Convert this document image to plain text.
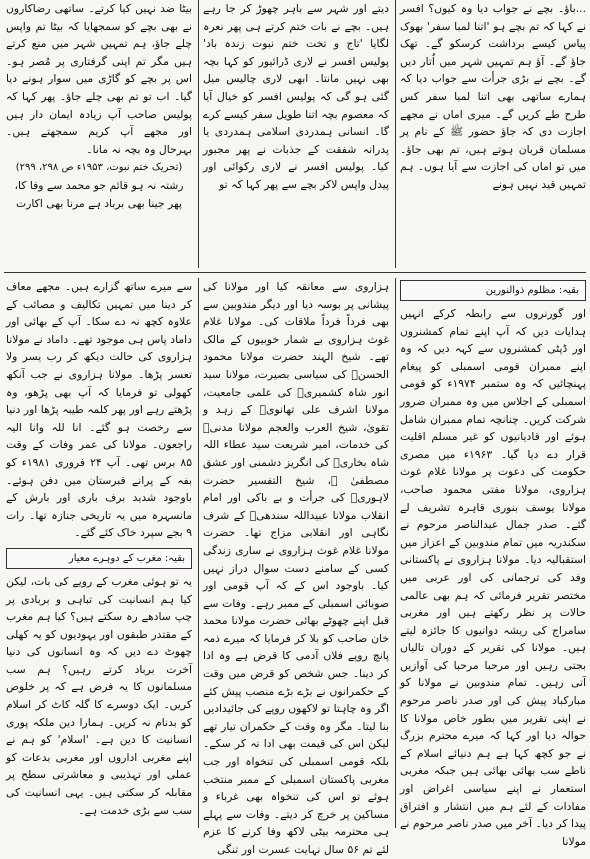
...باؤ۔ بچے نے جواب دیا وہ کیوں؟ افسر نے کہا کہ تم بچے ہو 'اتنا لمبا سفر' بھوک پیاس کیسے برداشت کرسکو گے۔ تھک جاؤ گے۔ آؤ ہم تمہیں شہر میں اُتار دیں گے۔ بچے نے بڑی جرأت سے جواب دیا کہ ہمارے ساتھی بھی اتنا لمبا سفر کس طرح طے کریں گے۔ میری اماں نے مجھے اجازت دی کہ جاؤ حضور ﷺ کے نام پر مسلمان قربان ہوتے ہیں، تم بھی جاؤ۔ میں تو اماں کی اجازت سے آیا ہوں۔ ہم تمہیں قید نہیں ہونے
دیتے اور شہر سے باہر چھوڑ کر جا رہے ہیں۔ بچے نے بات ختم کرتے ہی پھر نعرہ لگایا 'تاج و تخت ختم نبوت زندہ باد' پولیس افسر نے لاری ڈرائیور کو کہا بچہ بھی نہیں مانتا۔ ابھی لاری چالیس میل گئی ہو گی کہ پولیس افسر کو خیال آیا کہ معصوم بچہ اتنا طویل سفر کیسے کرے گا۔ انسانی ہمدردی اسلامی ہمدردی یا پدرانہ شفقت کے جذبات نے پھر مجبور کیا۔ پولیس افسر نے لاری رکوائی اور پیدل واپس لاکر بچے سے پھر کہا کہ تو
بیٹا ضد نہیں کیا کرتے۔ ساتھی رضاکاروں نے بھی بچے کو سمجھایا کہ بیٹا تم واپس چلے جاؤ، ہم تمہیں شہر میں منع کرتے ہیں مگر تم اپنی گرفتاری پر مُصر ہو۔ اس پر بچے کو گاڑی میں سوار ہونے دیا گیا۔ اب تو تم بھی چلے جاؤ۔ پھر کہا کہ پولیس صاحب آپ زیادہ ایمان دار ہیں اور مجھے آپ کریم سمجھتے ہیں۔ بہرحال وہ بچہ نہ مانا۔
(تحریک ختم نبوت، ۱۹۵۳ء ص ۲۹۸، ۲۹۹)
رشتہ نہ ہو قائم جو محمد سے وفا کا، پھر جینا بھی برباد ہے مرنا بھی اکارت
بقیہ: مظلوم ذوالنورین
اور گورنروں سے رابطہ کرکے انہیں ہدایات دیں کہ آپ اپنے تمام کمشنروں اور ڈپٹی کمشنروں سے کہہ دیں کہ وہ اپنے ممبران قومی اسمبلی کو پیغام پہنچائیں کہ وہ ستمبر ۱۹۷۴ء کو قومی اسمبلی کے اجلاس میں وہ ممبران ضرور شرکت کریں۔ چنانچہ تمام ممبران شامل ہوئے اور قادیانیوں کو غیر مسلم اقلیت قرار دے دیا گیا۔ ۱۹۶۳ء میں مصری حکومت کی دعوت پر مولانا غلام غوث ہزاروی، مولانا مفتی محمود صاحب، مولانا یوسف بنوری قاہرہ تشریف لے گئے۔ صدر جمال عبدالناصر مرحوم نے سکندریہ میں تمام مندوبین کے اعزاز میں استقبالیہ دیا۔ مولانا ہزاروی نے پاکستانی وفد کی ترجمانی کی اور عربی میں مختصر تقریر فرمائی کہ ہم بھی عالمی حالات پر نظر رکھتے ہیں اور مغربی سامراج کی ریشہ دوانیوں کا جائزہ لیتے ہیں۔ مولانا کی تقریر کے دوران تالیاں بجتی رہیں اور مرحبا مرحبا کی آوازیں آتی رہیں۔ تمام مندوبین نے مولانا کو مبارکباد پیش کی اور صدر ناصر مرحوم نے اپنی تقریر میں بطور خاص مولانا کا حوالہ دیا اور کہا کہ میرے محترم بزرگ نے جو کچھ کہا ہے ہم دنیائے اسلام کے ناطے سب بھائی بھائی ہیں جبکہ مغربی استعمار نے اپنے سیاسی اغراض اور مفادات کے لئے ہم میں انتشار و افتراق پیدا کر دیا۔ آخر میں صدر ناصر مرحوم نے مولانا
ہزاروی سے معانقہ کیا اور مولانا کی پیشانی پر بوسہ دیا اور دیگر مندوبین سے بھی فرداً فرداً ملاقات کی۔ مولانا غلام غوث ہزاروی بے شمار خوبیوں کے مالک تھے۔ شیخ الہند حضرت مولانا محمود الحسنؒ کی سیاسی بصیرت، مولانا سید انور شاہ کشمیریؒ کی علمی جامعیت، مولانا اشرف علی تھانویؒ کے زہد و تقویٰ، شیخ العرب والعجم مولانا مدنیؒ کی خدمات، امیر شریعت سید عطاء اللہ شاہ بخاریؒ کی انگریز دشمنی اور عشق مصطفیٰ ﷺ، شیخ التفسیر حضرت لاہوریؒ کی جرأت و بے باکی اور امام انقلاب مولانا عبیداللہ سندھیؒ کے شرف نگاہی اور انقلابی مزاج تھا۔ حضرت مولانا غلام غوث ہزاروی نے ساری زندگی کسی کے سامنے دست سوال دراز نہیں کیا۔ باوجود اس کے کہ آپ قومی اور صوبائی اسمبلی کے ممبر رہے۔ وفات سے قبل اپنے چھوٹے بھائی حضرت مولانا محمد خان صاحب کو بلا کر فرمایا کہ میرے ذمہ پانچ روپے فلاں آدمی کا قرض ہے وہ ادا کر دینا۔ جس شخص کو قرض میں وقت کے حکمرانوں نے بڑے بڑے منصب پیش کئے اگر وہ چاہتا تو لاکھوں روپے کی جائیدادیں بنا لیتا۔ مگر وہ وقت کے حکمران تیار تھے لیکن اس کی قیمت بھی ادا نہ کر سکے۔ بلکہ قومی اسمبلی کی تنخواہ اور جب مغربی پاکستان اسمبلی کے ممبر منتخب ہوئے تو اس کی تنخواہ بھی غرباء و مساکین پر خرچ کر دیتے۔ وفات سے پہلے ہی محترمہ بیٹی لاکھ وفا کرنے کا عزم لئے تم ۵۶ سال نہایت عسرت اور تنگی
سے میرے ساتھ گزارے ہیں۔ مجھے معاف کر دینا میں تمہیں تکالیف و مصائب کے علاوہ کچھ نہ دے سکا۔ آپ کے بھائی اور داماد پاس ہی موجود تھے۔ داماد نے مولانا ہزاروی کی حالت دیکھ کر رب یسر ولا تعسر پڑھا۔ مولانا ہزاروی نے جب آنکھ کھولی تو فرمایا کہ آپ بھی پڑھو، وہ پڑھتے رہے اور پھر کلمہ طیبہ پڑھا اور دنیا سے رخصت ہو گئے۔ انا للہ وانا الیہ راجعون۔ مولانا کی عمر وفات کے وقت ۸۵ برس تھی۔ آپ ۲۴ فروری ۱۹۸۱ء کو بفہ کے پرانے قبرستان میں دفن ہوئے۔ باوجود شدید برف باری اور بارش کے مانسہرہ میں یہ تاریخی جنازہ تھا۔ رات ۹ بجے سپرد خاک کئے گئے۔
بقیہ: مغرب کے دوہرے معیار
یہ تو ہوئی مغرب کے رویے کی بات، لیکن کیا ہم انسانیت کی تباہی و بربادی پر چپ سادھے رہ سکتے ہیں؟ کیا ہم مغرب کے مقتدر طبقوں اور یہودیوں کو یہ کھلی چھوٹ دے دیں کہ وہ انسانوں کی دنیا آخرت برباد کرتے رہیں؟ ہم سب مسلمانوں کا یہ فرض ہے کہ پر خلوص کریں۔ ایک دوسرے کا گلہ کاٹ کر اسلام کو بدنام نہ کریں۔ ہمارا دین ملکہ پوری انسانیت کا دین ہے۔ 'اسلام' کو ہم نے اپنے مغربی اداروں اور مغربی بدعات کو عملی اور تہذیبی و معاشرتی سطح پر مقابلہ کر سکتی ہیں۔ یہی انسانیت کی سب سے بڑی خدمت ہے۔
